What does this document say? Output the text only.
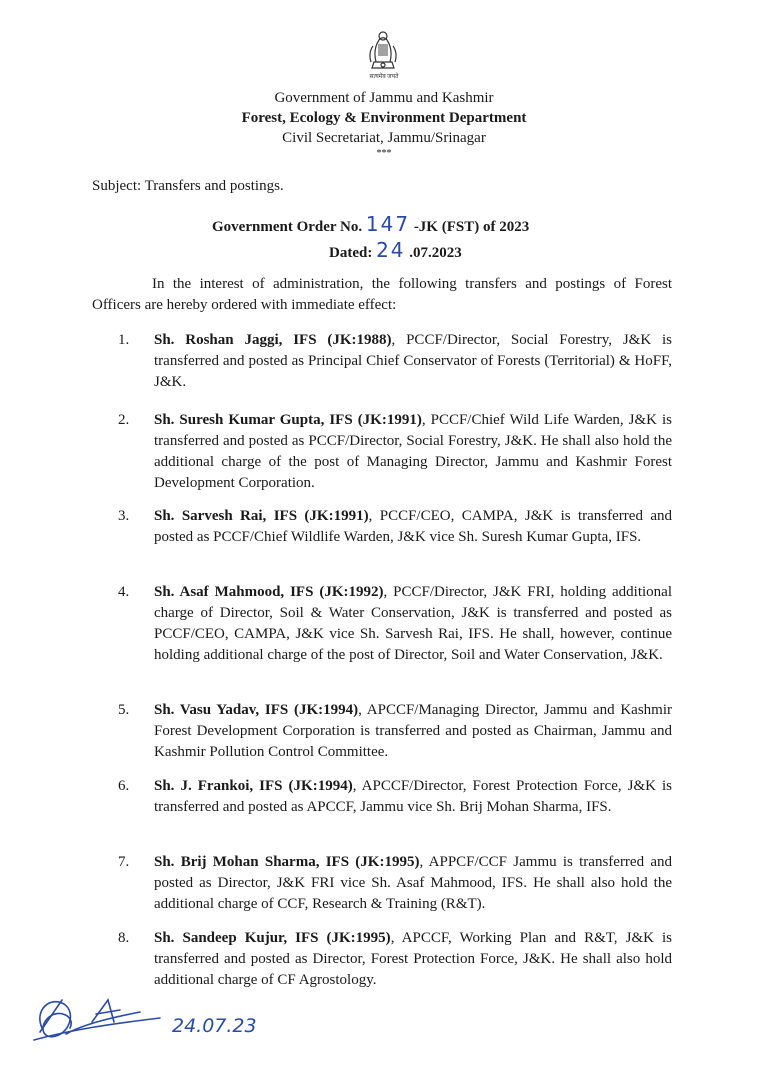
सत्यमेव जयते
Government of Jammu and Kashmir
Forest, Ecology & Environment Department
Civil Secretariat, Jammu/Srinagar
***
Subject: Transfers and postings.
Government Order No. 147 -JK (FST) of 2023
Dated: 24 .07.2023
In the interest of administration, the following transfers and postings of Forest Officers are hereby ordered with immediate effect:
1. Sh. Roshan Jaggi, IFS (JK:1988), PCCF/Director, Social Forestry, J&K is transferred and posted as Principal Chief Conservator of Forests (Territorial) & HoFF, J&K.
2. Sh. Suresh Kumar Gupta, IFS (JK:1991), PCCF/Chief Wild Life Warden, J&K is transferred and posted as PCCF/Director, Social Forestry, J&K. He shall also hold the additional charge of the post of Managing Director, Jammu and Kashmir Forest Development Corporation.
3. Sh. Sarvesh Rai, IFS (JK:1991), PCCF/CEO, CAMPA, J&K is transferred and posted as PCCF/Chief Wildlife Warden, J&K vice Sh. Suresh Kumar Gupta, IFS.
4. Sh. Asaf Mahmood, IFS (JK:1992), PCCF/Director, J&K FRI, holding additional charge of Director, Soil & Water Conservation, J&K is transferred and posted as PCCF/CEO, CAMPA, J&K vice Sh. Sarvesh Rai, IFS. He shall, however, continue holding additional charge of the post of Director, Soil and Water Conservation, J&K.
5. Sh. Vasu Yadav, IFS (JK:1994), APCCF/Managing Director, Jammu and Kashmir Forest Development Corporation is transferred and posted as Chairman, Jammu and Kashmir Pollution Control Committee.
6. Sh. J. Frankoi, IFS (JK:1994), APCCF/Director, Forest Protection Force, J&K is transferred and posted as APCCF, Jammu vice Sh. Brij Mohan Sharma, IFS.
7. Sh. Brij Mohan Sharma, IFS (JK:1995), APPCF/CCF Jammu is transferred and posted as Director, J&K FRI vice Sh. Asaf Mahmood, IFS. He shall also hold the additional charge of CCF, Research & Training (R&T).
8. Sh. Sandeep Kujur, IFS (JK:1995), APCCF, Working Plan and R&T, J&K is transferred and posted as Director, Forest Protection Force, J&K. He shall also hold additional charge of CF Agrostology.
24.07.23
